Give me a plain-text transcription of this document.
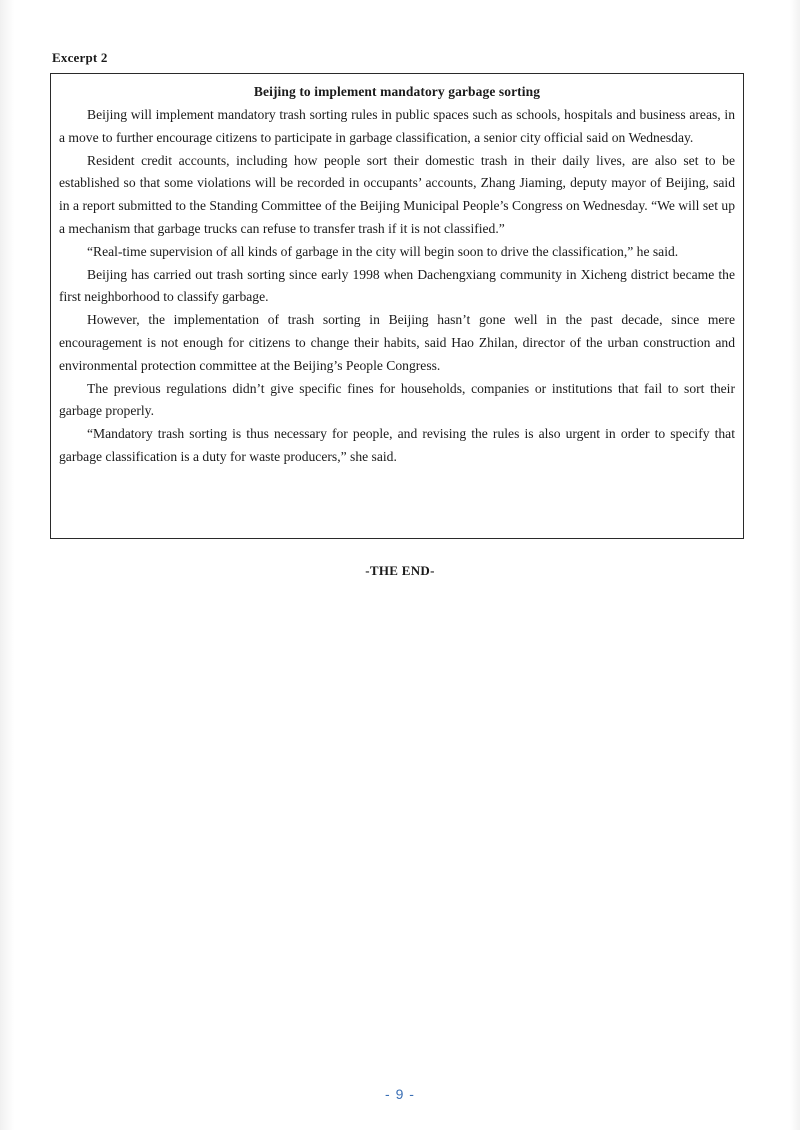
Excerpt 2
Beijing to implement mandatory garbage sorting

Beijing will implement mandatory trash sorting rules in public spaces such as schools, hospitals and business areas, in a move to further encourage citizens to participate in garbage classification, a senior city official said on Wednesday.

Resident credit accounts, including how people sort their domestic trash in their daily lives, are also set to be established so that some violations will be recorded in occupants’ accounts, Zhang Jiaming, deputy mayor of Beijing, said in a report submitted to the Standing Committee of the Beijing Municipal People’s Congress on Wednesday. “We will set up a mechanism that garbage trucks can refuse to transfer trash if it is not classified.”

“Real-time supervision of all kinds of garbage in the city will begin soon to drive the classification,” he said.

Beijing has carried out trash sorting since early 1998 when Dachengxiang community in Xicheng district became the first neighborhood to classify garbage.

However, the implementation of trash sorting in Beijing hasn’t gone well in the past decade, since mere encouragement is not enough for citizens to change their habits, said Hao Zhilan, director of the urban construction and environmental protection committee at the Beijing’s People Congress.

The previous regulations didn’t give specific fines for households, companies or institutions that fail to sort their garbage properly.

“Mandatory trash sorting is thus necessary for people, and revising the rules is also urgent in order to specify that garbage classification is a duty for waste producers,” she said.

-THE END-
- 9 -
